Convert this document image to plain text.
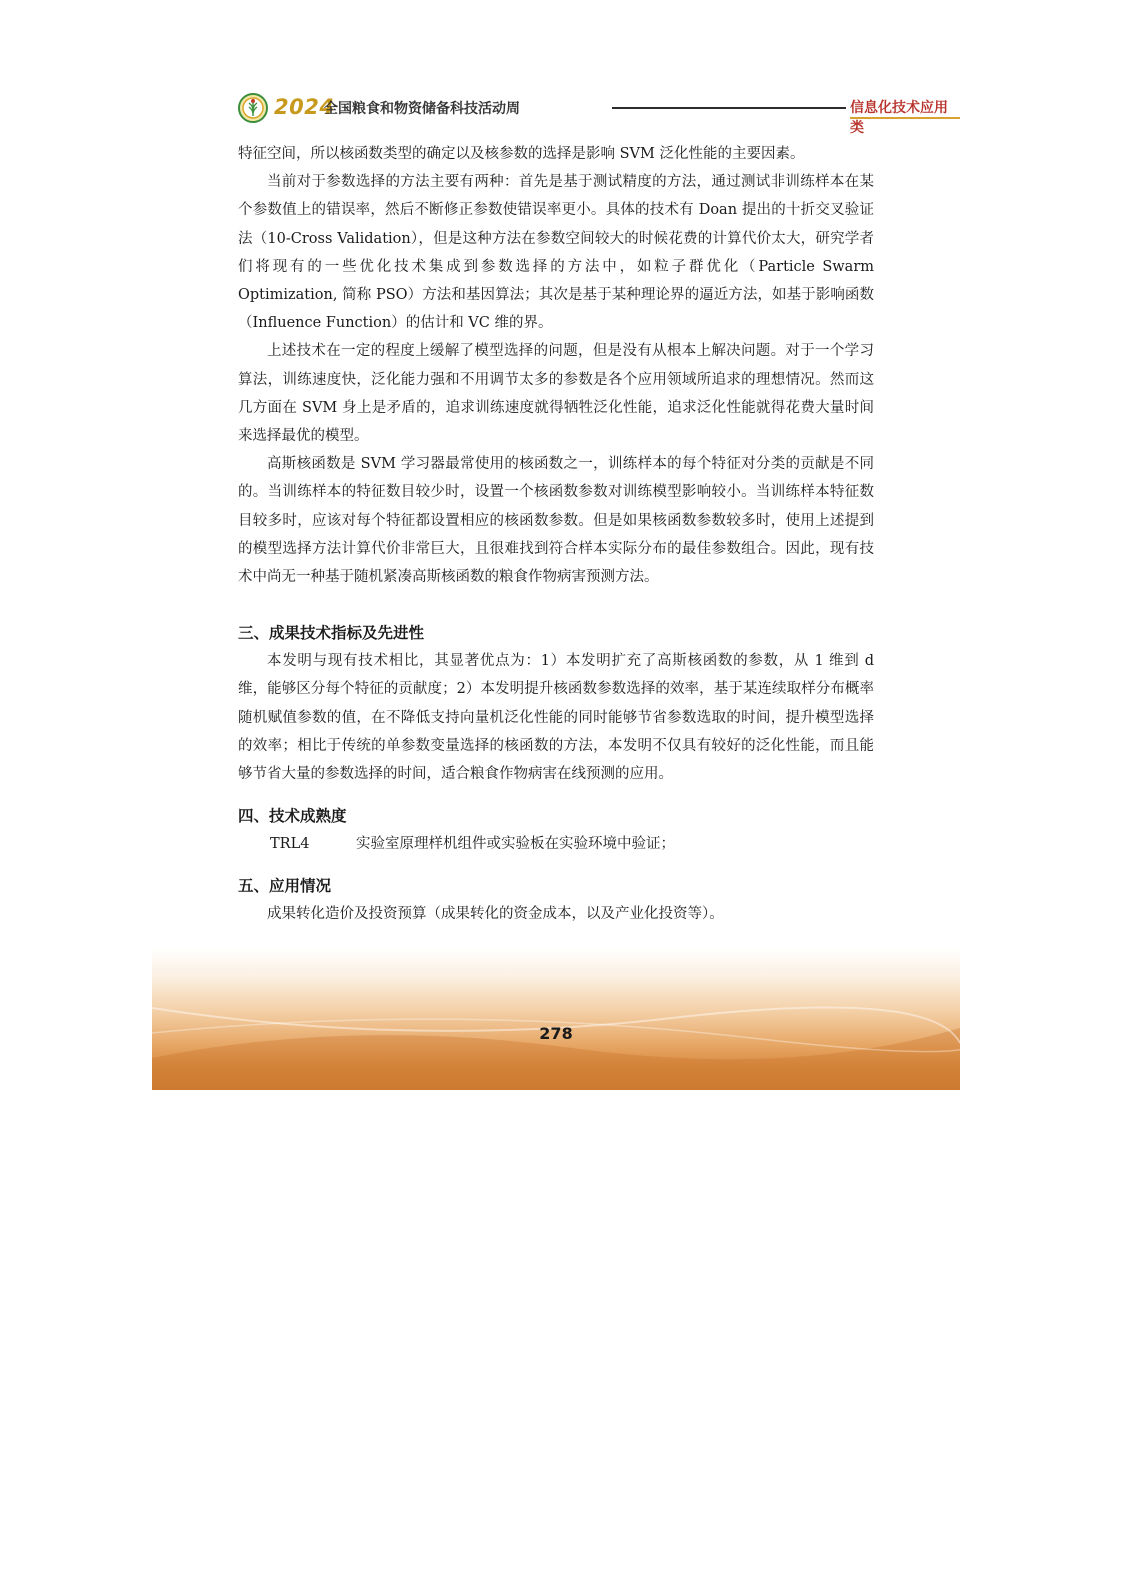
2024
全国粮食和物资储备科技活动周	信息化技术应用类

特征空间，所以核函数类型的确定以及核参数的选择是影响 SVM 泛化性能的主要因素。

当前对于参数选择的方法主要有两种：首先是基于测试精度的方法，通过测试非训练样本在某个参数值上的错误率，然后不断修正参数使错误率更小。具体的技术有 Doan 提出的十折交叉验证法（10-Cross Validation），但是这种方法在参数空间较大的时候花费的计算代价太大，研究学者们将现有的一些优化技术集成到参数选择的方法中，如粒子群优化（Particle Swarm Optimization, 简称 PSO）方法和基因算法；其次是基于某种理论界的逼近方法，如基于影响函数（Influence Function）的估计和 VC 维的界。

上述技术在一定的程度上缓解了模型选择的问题，但是没有从根本上解决问题。对于一个学习算法，训练速度快，泛化能力强和不用调节太多的参数是各个应用领域所追求的理想情况。然而这几方面在 SVM 身上是矛盾的，追求训练速度就得牺牲泛化性能，追求泛化性能就得花费大量时间来选择最优的模型。

高斯核函数是 SVM 学习器最常使用的核函数之一，训练样本的每个特征对分类的贡献是不同的。当训练样本的特征数目较少时，设置一个核函数参数对训练模型影响较小。当训练样本特征数目较多时，应该对每个特征都设置相应的核函数参数。但是如果核函数参数较多时，使用上述提到的模型选择方法计算代价非常巨大，且很难找到符合样本实际分布的最佳参数组合。因此，现有技术中尚无一种基于随机紧凑高斯核函数的粮食作物病害预测方法。

三、成果技术指标及先进性

本发明与现有技术相比，其显著优点为：1）本发明扩充了高斯核函数的参数，从 1 维到 d 维，能够区分每个特征的贡献度；2）本发明提升核函数参数选择的效率，基于某连续取样分布概率随机赋值参数的值，在不降低支持向量机泛化性能的同时能够节省参数选取的时间，提升模型选择的效率；相比于传统的单参数变量选择的核函数的方法，本发明不仅具有较好的泛化性能，而且能够节省大量的参数选择的时间，适合粮食作物病害在线预测的应用。

四、技术成熟度
TRL4	实验室原理样机组件或实验板在实验环境中验证；
五、应用情况

成果转化造价及投资预算（成果转化的资金成本，以及产业化投资等）。

278
